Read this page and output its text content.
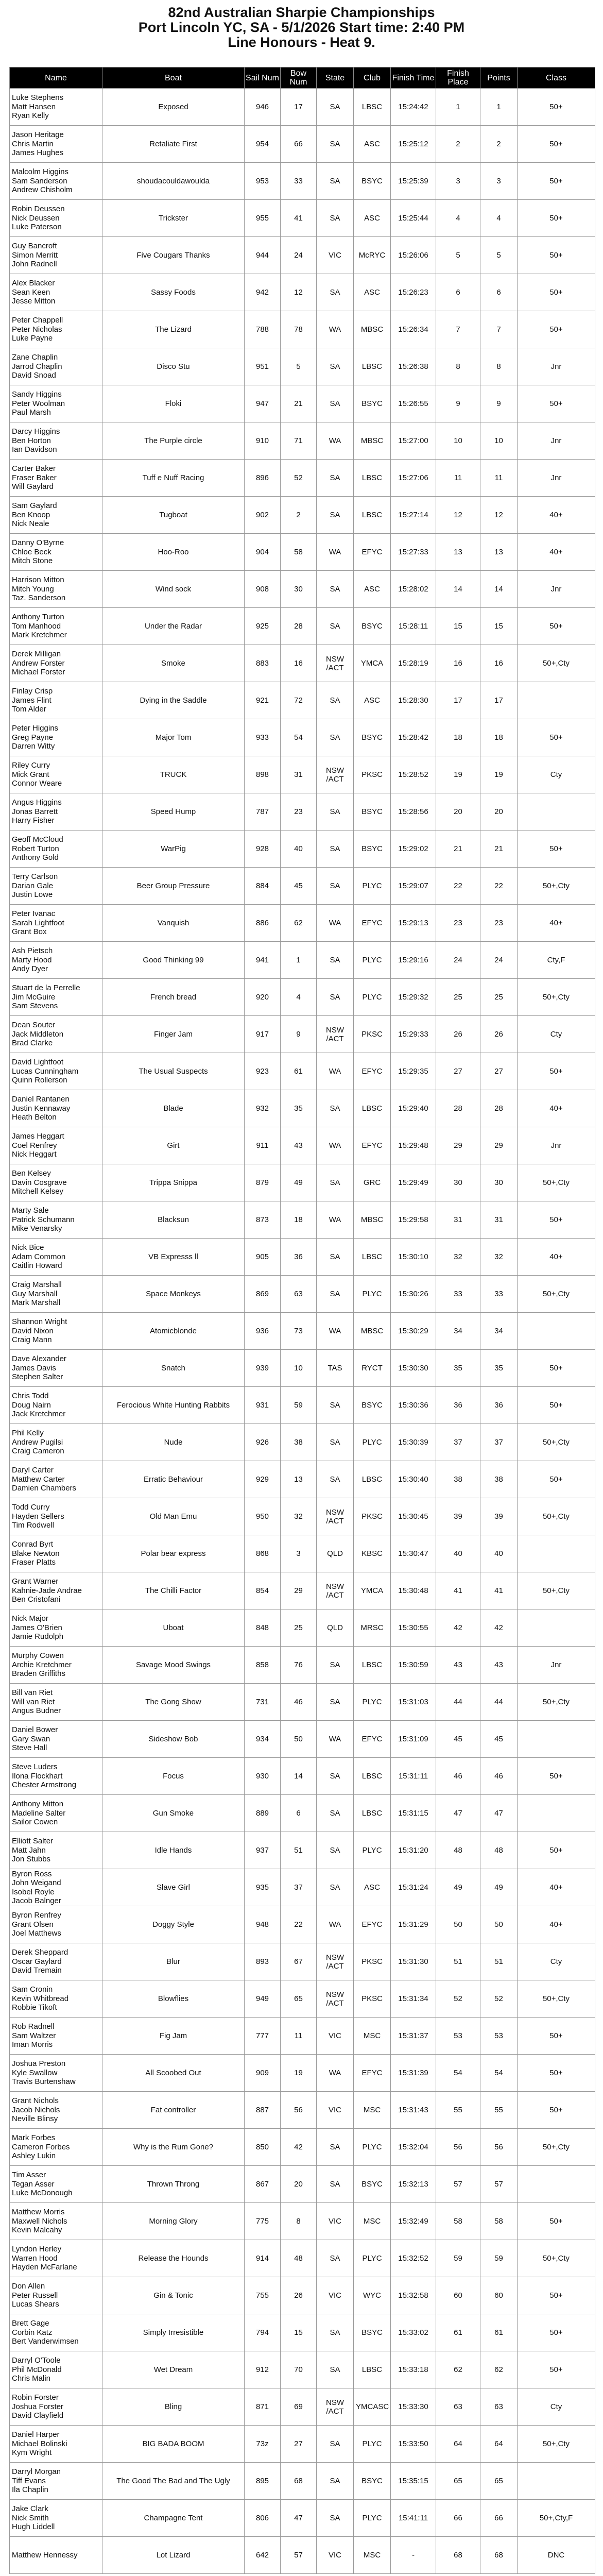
82nd Australian Sharpie Championships
Port Lincoln YC, SA - 5/1/2026 Start time: 2:40 PM
Line Honours - Heat 9.
Name	Boat	Sail Num	Bow Num	State	Club	Finish Time	Finish Place	Points	Class

Luke Stephens
Matt Hansen
Ryan Kelly	Exposed	946	17	SA	LBSC	15:24:42	1	1	50+

Jason Heritage
Chris Martin
James Hughes	Retaliate First	954	66	SA	ASC	15:25:12	2	2	50+

Malcolm Higgins
Sam Sanderson
Andrew Chisholm	shoudacouldawoulda	953	33	SA	BSYC	15:25:39	3	3	50+

Robin Deussen
Nick Deussen
Luke Paterson	Trickster	955	41	SA	ASC	15:25:44	4	4	50+

Guy Bancroft
Simon Merritt
John Radnell	Five Cougars Thanks	944	24	VIC	McRYC	15:26:06	5	5	50+

Alex Blacker
Sean Keen
Jesse Mitton	Sassy Foods	942	12	SA	ASC	15:26:23	6	6	50+

Peter Chappell
Peter Nicholas
Luke Payne	The Lizard	788	78	WA	MBSC	15:26:34	7	7	50+

Zane Chaplin
Jarrod Chaplin
David Snoad	Disco Stu	951	5	SA	LBSC	15:26:38	8	8	Jnr

Sandy Higgins
Peter Woolman
Paul Marsh	Floki	947	21	SA	BSYC	15:26:55	9	9	50+

Darcy Higgins
Ben Horton
Ian Davidson	The Purple circle	910	71	WA	MBSC	15:27:00	10	10	Jnr

Carter Baker
Fraser Baker
Will Gaylard	Tuff e Nuff Racing	896	52	SA	LBSC	15:27:06	11	11	Jnr

Sam Gaylard
Ben Knoop
Nick Neale	Tugboat	902	2	SA	LBSC	15:27:14	12	12	40+

Danny O'Byrne
Chloe Beck
Mitch Stone	Hoo-Roo	904	58	WA	EFYC	15:27:33	13	13	40+

Harrison Mitton
Mitch Young
Taz. Sanderson	Wind sock	908	30	SA	ASC	15:28:02	14	14	Jnr

Anthony Turton
Tom Manhood
Mark Kretchmer	Under the Radar	925	28	SA	BSYC	15:28:11	15	15	50+

Derek Milligan
Andrew Forster
Michael Forster	Smoke	883	16	NSW /ACT	YMCA	15:28:19	16	16	50+,Cty

Finlay Crisp
James Flint
Tom Alder	Dying in the Saddle	921	72	SA	ASC	15:28:30	17	17	

Peter Higgins
Greg Payne
Darren Witty	Major Tom	933	54	SA	BSYC	15:28:42	18	18	50+

Riley Curry
Mick Grant
Connor Weare	TRUCK	898	31	NSW /ACT	PKSC	15:28:52	19	19	Cty

Angus Higgins
Jonas Barrett
Harry Fisher	Speed Hump	787	23	SA	BSYC	15:28:56	20	20	

Geoff McCloud
Robert Turton
Anthony Gold	WarPig	928	40	SA	BSYC	15:29:02	21	21	50+

Terry Carlson
Darian Gale
Justin Lowe	Beer Group Pressure	884	45	SA	PLYC	15:29:07	22	22	50+,Cty

Peter Ivanac
Sarah Lightfoot
Grant Box	Vanquish	886	62	WA	EFYC	15:29:13	23	23	40+

Ash Pietsch
Marty Hood
Andy Dyer	Good Thinking 99	941	1	SA	PLYC	15:29:16	24	24	Cty,F

Stuart de la Perrelle
Jim McGuire
Sam Stevens	French bread	920	4	SA	PLYC	15:29:32	25	25	50+,Cty

Dean Souter
Jack Middleton
Brad Clarke	Finger Jam	917	9	NSW /ACT	PKSC	15:29:33	26	26	Cty

David Lightfoot
Lucas Cunningham
Quinn Rollerson	The Usual Suspects	923	61	WA	EFYC	15:29:35	27	27	50+

Daniel Rantanen
Justin Kennaway
Heath Belton	Blade	932	35	SA	LBSC	15:29:40	28	28	40+

James Heggart
Coel Renfrey
Nick Heggart	Girt	911	43	WA	EFYC	15:29:48	29	29	Jnr

Ben Kelsey
Davin Cosgrave
Mitchell Kelsey	Trippa Snippa	879	49	SA	GRC	15:29:49	30	30	50+,Cty

Marty Sale
Patrick Schumann
Mike Venarsky	Blacksun	873	18	WA	MBSC	15:29:58	31	31	50+

Nick Bice
Adam Common
Caitlin Howard	VB Expresss ll	905	36	SA	LBSC	15:30:10	32	32	40+

Craig Marshall
Guy Marshall
Mark Marshall	Space Monkeys	869	63	SA	PLYC	15:30:26	33	33	50+,Cty

Shannon Wright
David Nixon
Craig Mann	Atomicblonde	936	73	WA	MBSC	15:30:29	34	34	

Dave Alexander
James Davis
Stephen Salter	Snatch	939	10	TAS	RYCT	15:30:30	35	35	50+

Chris Todd
Doug Nairn
Jack Kretchmer	Ferocious White Hunting Rabbits	931	59	SA	BSYC	15:30:36	36	36	50+

Phil Kelly
Andrew Pugilsi
Craig Cameron	Nude	926	38	SA	PLYC	15:30:39	37	37	50+,Cty

Daryl Carter
Matthew Carter
Damien Chambers	Erratic Behaviour	929	13	SA	LBSC	15:30:40	38	38	50+

Todd Curry
Hayden Sellers
Tim Rodwell	Old Man Emu	950	32	NSW /ACT	PKSC	15:30:45	39	39	50+,Cty

Conrad Byrt
Blake Newton
Fraser Platts	Polar bear express	868	3	QLD	KBSC	15:30:47	40	40	

Grant Warner
Kahnie-Jade Andrae
Ben Cristofani	The Chilli Factor	854	29	NSW /ACT	YMCA	15:30:48	41	41	50+,Cty

Nick Major
James O'Brien
Jamie Rudolph	Uboat	848	25	QLD	MRSC	15:30:55	42	42	

Murphy Cowen
Archie Kretchmer
Braden Griffiths	Savage Mood Swings	858	76	SA	LBSC	15:30:59	43	43	Jnr

Bill van Riet
Will van Riet
Angus Budner	The Gong Show	731	46	SA	PLYC	15:31:03	44	44	50+,Cty

Daniel Bower
Gary Swan
Steve Hall	Sideshow Bob	934	50	WA	EFYC	15:31:09	45	45	

Steve Luders
Ilona Flockhart
Chester Armstrong	Focus	930	14	SA	LBSC	15:31:11	46	46	50+

Anthony Mitton
Madeline Salter
Sailor Cowen	Gun Smoke	889	6	SA	LBSC	15:31:15	47	47	

Elliott Salter
Matt Jahn
Jon Stubbs	Idle Hands	937	51	SA	PLYC	15:31:20	48	48	50+

Byron Ross
John Weigand
Isobel Royle
Jacob Balnger	Slave Girl	935	37	SA	ASC	15:31:24	49	49	40+

Byron Renfrey
Grant Olsen
Joel Matthews	Doggy Style	948	22	WA	EFYC	15:31:29	50	50	40+

Derek Sheppard
Oscar Gaylard
David Tremain	Blur	893	67	NSW /ACT	PKSC	15:31:30	51	51	Cty

Sam Cronin
Kevin Whitbread
Robbie Tikoft	Blowflies	949	65	NSW /ACT	PKSC	15:31:34	52	52	50+,Cty

Rob Radnell
Sam Waltzer
Iman Morris	Fig Jam	777	11	VIC	MSC	15:31:37	53	53	50+

Joshua Preston
Kyle Swallow
Travis Burtenshaw	All Scoobed Out	909	19	WA	EFYC	15:31:39	54	54	50+

Grant Nichols
Jacob Nichols
Neville Blinsy	Fat controller	887	56	VIC	MSC	15:31:43	55	55	50+

Mark Forbes
Cameron Forbes
Ashley Lukin	Why is the Rum Gone?	850	42	SA	PLYC	15:32:04	56	56	50+,Cty

Tim Asser
Tegan Asser
Luke McDonough	Thrown Throng	867	20	SA	BSYC	15:32:13	57	57	

Matthew Morris
Maxwell Nichols
Kevin Malcahy	Morning Glory	775	8	VIC	MSC	15:32:49	58	58	50+

Lyndon Herley
Warren Hood
Hayden McFarlane	Release the Hounds	914	48	SA	PLYC	15:32:52	59	59	50+,Cty

Don Allen
Peter Russell
Lucas Shears	Gin & Tonic	755	26	VIC	WYC	15:32:58	60	60	50+

Brett Gage
Corbin Katz
Bert Vanderwimsen	Simply Irresistible	794	15	SA	BSYC	15:33:02	61	61	50+

Darryl O'Toole
Phil McDonald
Chris Malin	Wet Dream	912	70	SA	LBSC	15:33:18	62	62	50+

Robin Forster
Joshua Forster
David Clayfield	Bling	871	69	NSW /ACT	YMCASC	15:33:30	63	63	Cty

Daniel Harper
Michael Bolinski
Kym Wright	BIG BADA BOOM	73z	27	SA	PLYC	15:33:50	64	64	50+,Cty

Darryl Morgan
Tiff Evans
Ila Chaplin	The Good The Bad and The Ugly	895	68	SA	BSYC	15:35:15	65	65	

Jake Clark
Nick Smith
Hugh Liddell	Champagne Tent	806	47	SA	PLYC	15:41:11	66	66	50+,Cty,F

Matthew Hennessy	Lot Lizard	642	57	VIC	MSC	-	68	68	DNC
